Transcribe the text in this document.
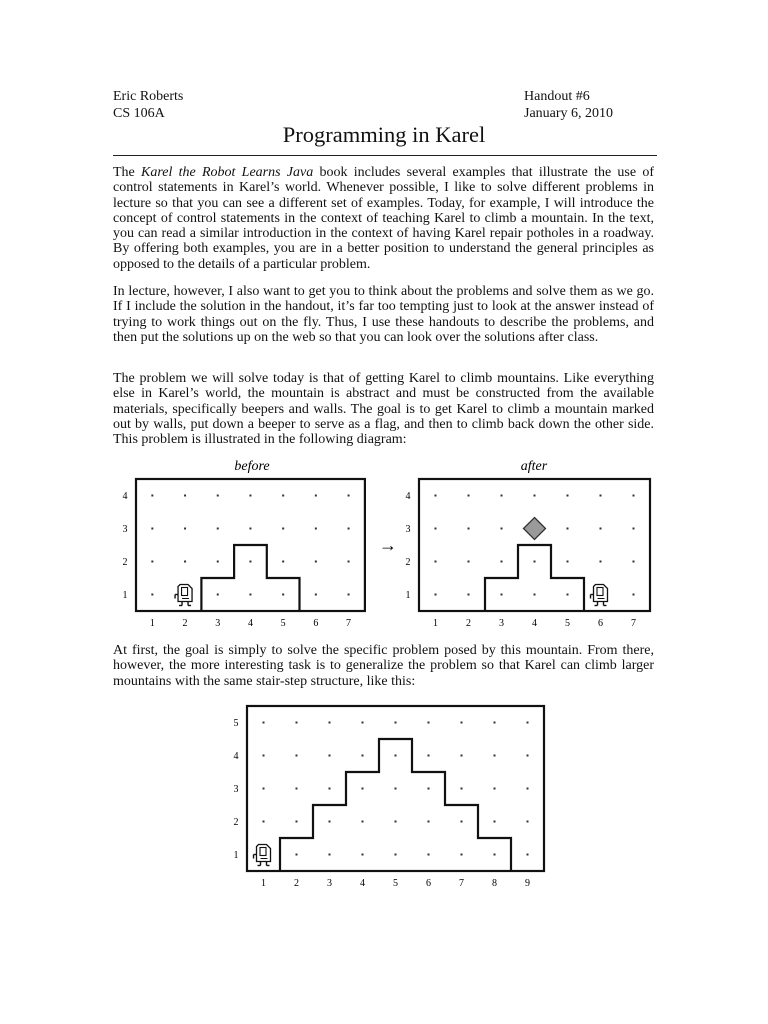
Eric Roberts
CS 106A
Handout #6
January 6, 2010
Programming in Karel

The Karel the Robot Learns Java book includes several examples that illustrate the use of control statements in Karel’s world. Whenever possible, I like to solve different problems in lecture so that you can see a different set of examples. Today, for example, I will introduce the concept of control statements in the context of teaching Karel to climb a mountain. In the text, you can read a similar introduction in the context of having Karel repair potholes in a roadway. By offering both examples, you are in a better position to understand the general principles as opposed to the details of a particular problem.

In lecture, however, I also want to get you to think about the problems and solve them as we go. If I include the solution in the handout, it’s far too tempting just to look at the answer instead of trying to work things out on the fly. Thus, I use these handouts to describe the problems, and then put the solutions up on the web so that you can look over the solutions after class.

The problem we will solve today is that of getting Karel to climb mountains. Like everything else in Karel’s world, the mountain is abstract and must be constructed from the available materials, specifically beepers and walls. The goal is to get Karel to climb a mountain marked out by walls, put down a beeper to serve as a flag, and then to climb back down the other side. This problem is illustrated in the following diagram:

At first, the goal is simply to solve the specific problem posed by this mountain. From there, however, the more interesting task is to generalize the problem so that Karel can climb larger mountains with the same stair-step structure, like this:

before	after
→
1	2	3	4	5	6	7
1
2
3
4
1	2	3	4	5	6	7
1
2
3
4
1	2	3	4	5	6	7	8	9
1
2
3
4
5
